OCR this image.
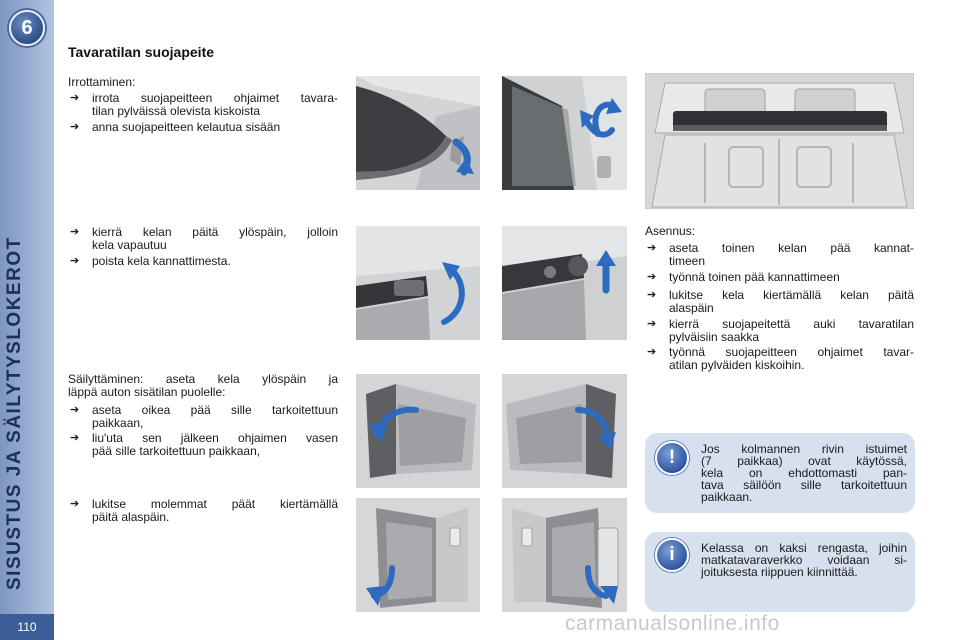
6
SISUSTUS JA SÄILYTYSLOKEROT
110
Tavaratilan suojapeite
Irrottaminen:
➔ irrota suojapeitteen ohjaimet tavara-
tilan pylväissä olevista kiskoista
➔ anna suojapeitteen kelautua sisään
➔ kierrä kelan päitä ylöspäin, jolloin
kela vapautuu
➔ poista kela kannattimesta.
Säilyttäminen: aseta kela ylöspäin ja
läppä auton sisätilan puolelle:
➔ aseta oikea pää sille tarkoitettuun
paikkaan,
➔ liu'uta sen jälkeen ohjaimen vasen
pää sille tarkoitettuun paikkaan,
➔ lukitse molemmat päät kiertämällä
päitä alaspäin.
Asennus:
➔ aseta toinen kelan pää kannat-
timeen
➔ työnnä toinen pää kannattimeen
➔ lukitse kela kiertämällä kelan päitä
alaspäin
➔ kierrä suojapeitettä auki tavaratilan
pylväisiin saakka
➔ työnnä suojapeitteen ohjaimet tavar-
atilan pylväiden kiskoihin.
!	Jos kolmannen rivin istuimet
(7 paikkaa) ovat käytössä,
kela on ehdottomasti pan-
tava säilöön sille tarkoitettuun
paikkaan.
i	Kelassa on kaksi rengasta, joihin
matkatavaraverkko voidaan si-
joituksesta riippuen kiinnittää.
carmanualsonline.info
